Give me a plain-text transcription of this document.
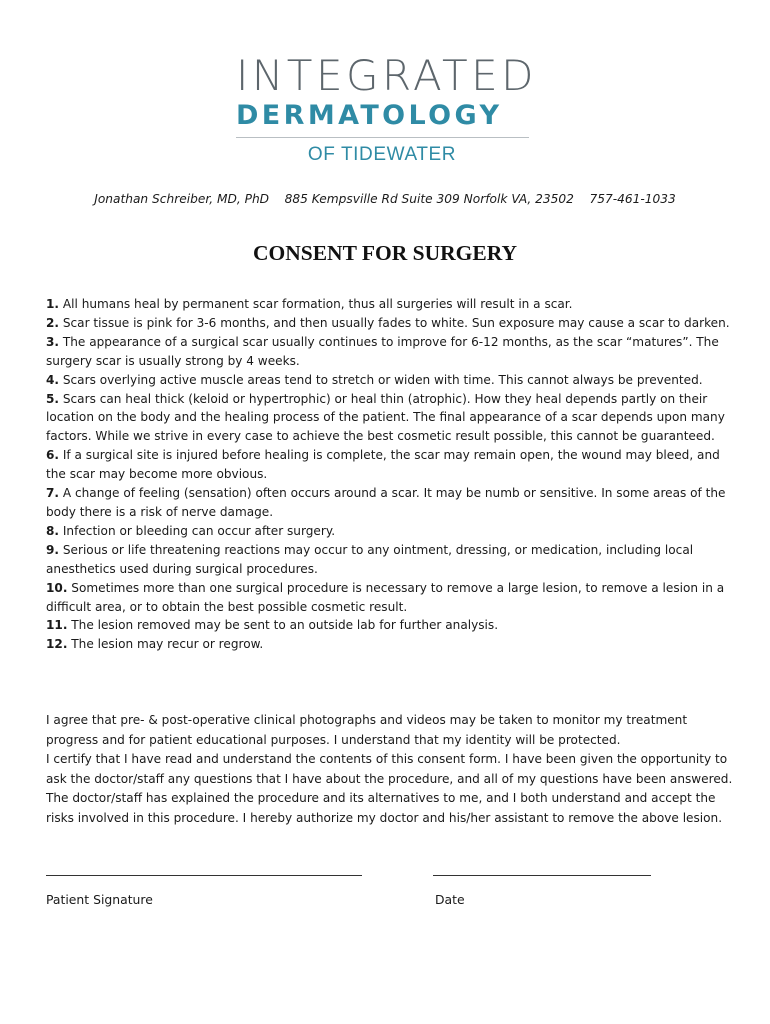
INTEGRATED
DERMATOLOGY
OF TIDEWATER
Jonathan Schreiber, MD, PhD 885 Kempsville Rd Suite 309 Norfolk VA, 23502 757-461-1033
CONSENT FOR SURGERY

1. All humans heal by permanent scar formation, thus all surgeries will result in a scar.

2. Scar tissue is pink for 3-6 months, and then usually fades to white. Sun exposure may cause a scar to darken.

3. The appearance of a surgical scar usually continues to improve for 6-12 months, as the scar “matures”. The surgery scar is usually strong by 4 weeks.

4. Scars overlying active muscle areas tend to stretch or widen with time. This cannot always be prevented.

5. Scars can heal thick (keloid or hypertrophic) or heal thin (atrophic). How they heal depends partly on their location on the body and the healing process of the patient. The final appearance of a scar depends upon many factors. While we strive in every case to achieve the best cosmetic result possible, this cannot be guaranteed.

6. If a surgical site is injured before healing is complete, the scar may remain open, the wound may bleed, and the scar may become more obvious.

7. A change of feeling (sensation) often occurs around a scar. It may be numb or sensitive. In some areas of the body there is a risk of nerve damage.

8. Infection or bleeding can occur after surgery.

9. Serious or life threatening reactions may occur to any ointment, dressing, or medication, including local anesthetics used during surgical procedures.

10. Sometimes more than one surgical procedure is necessary to remove a large lesion, to remove a lesion in a difficult area, or to obtain the best possible cosmetic result.

11. The lesion removed may be sent to an outside lab for further analysis.

12. The lesion may recur or regrow.

I agree that pre- & post-operative clinical photographs and videos may be taken to monitor my treatment progress and for patient educational purposes. I understand that my identity will be protected.

I certify that I have read and understand the contents of this consent form. I have been given the opportunity to ask the doctor/staff any questions that I have about the procedure, and all of my questions have been answered. The doctor/staff has explained the procedure and its alternatives to me, and I both understand and accept the risks involved in this procedure. I hereby authorize my doctor and his/her assistant to remove the above lesion.

Patient Signature	Date
